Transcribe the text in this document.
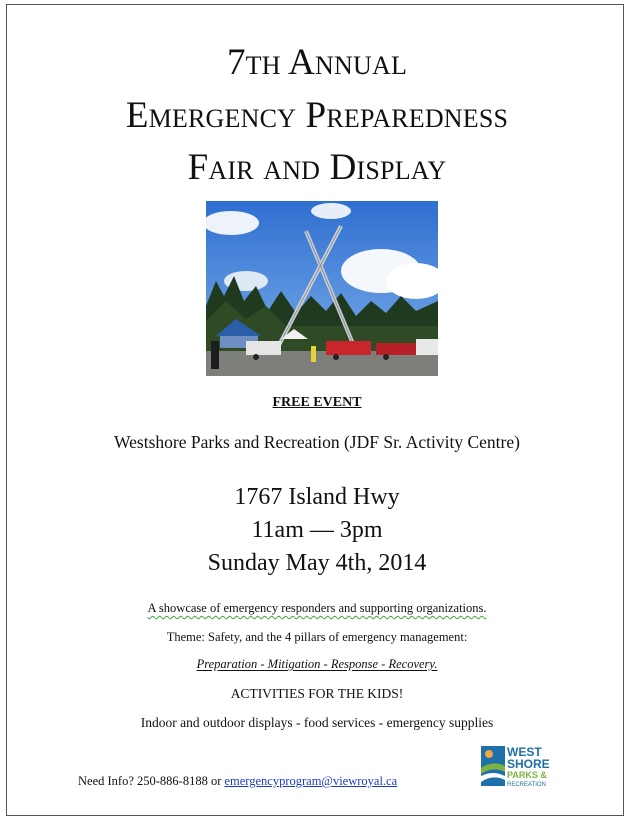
7th Annual
Emergency Preparedness
Fair and Display
FREE EVENT
Westshore Parks and Recreation (JDF Sr. Activity Centre)
1767 Island Hwy
11am — 3pm
Sunday May 4th, 2014
A showcase of emergency responders and supporting organizations.
Theme: Safety, and the 4 pillars of emergency management:
Preparation - Mitigation - Response - Recovery.
ACTIVITIES FOR THE KIDS!
Indoor and outdoor displays - food services - emergency supplies
Need Info? 250-886-8188 or emergencyprogram@viewroyal.ca
WEST
SHORE
PARKS &
RECREATION
